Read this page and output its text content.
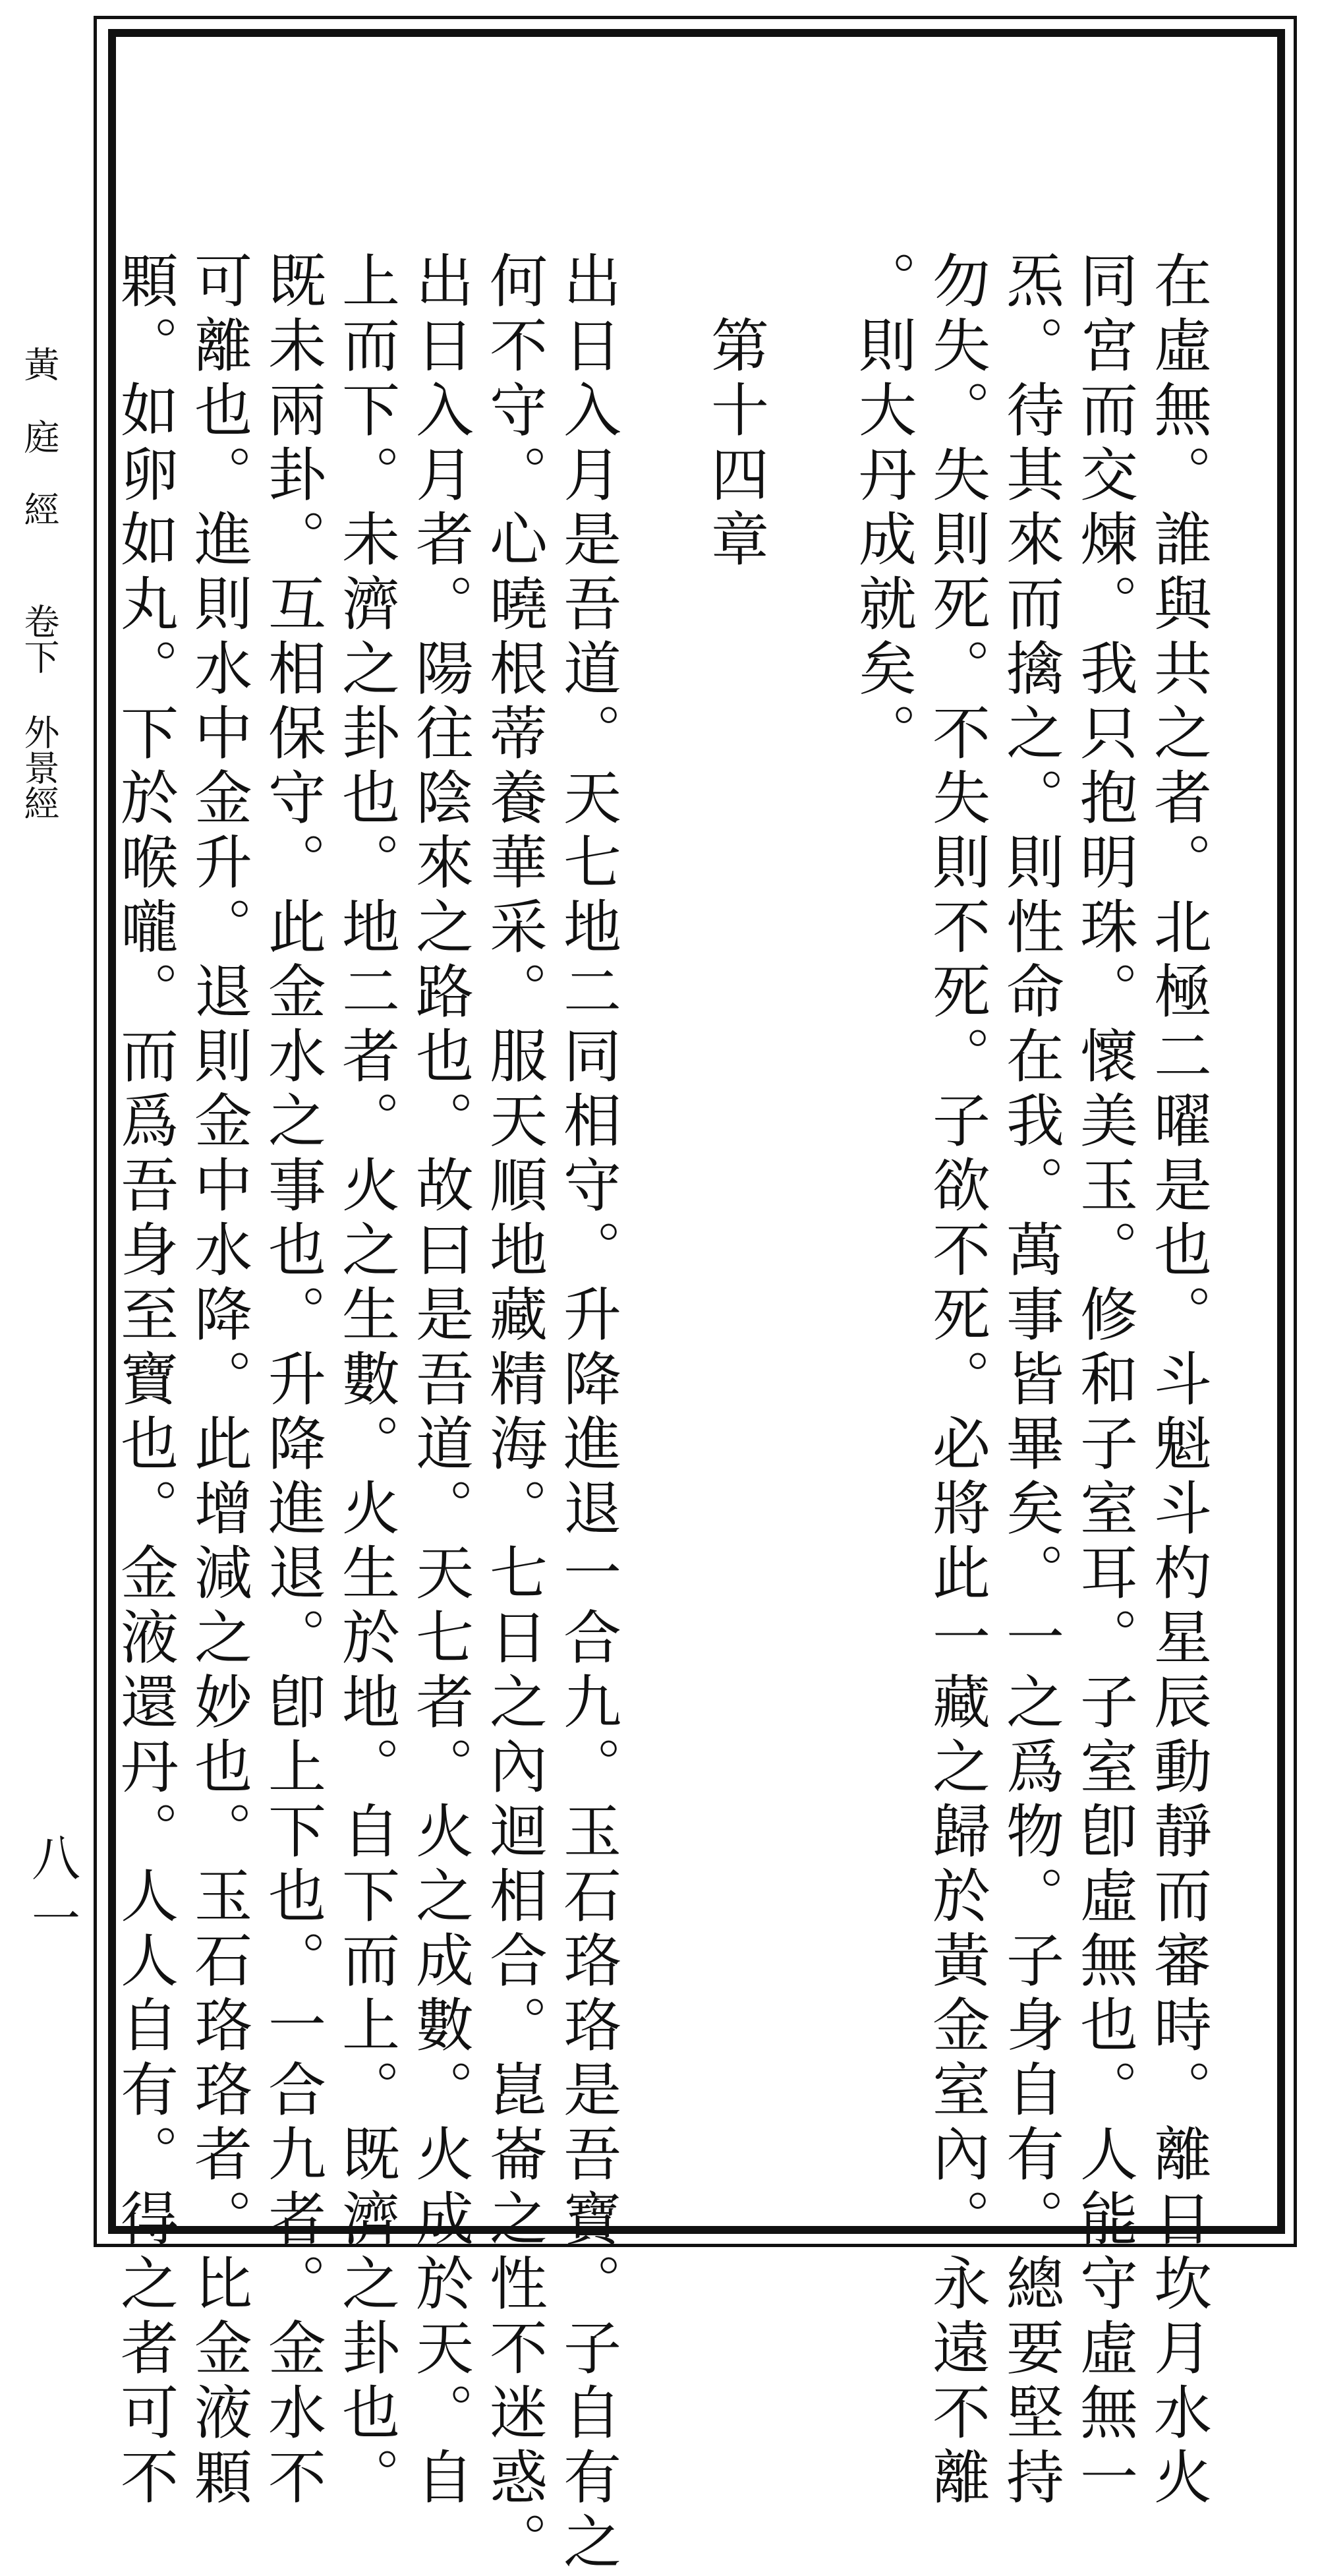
黃庭經卷下外景經
八一	在虛無。誰與共之者。北極二曜是也。斗魁斗杓星辰動靜而審時。離日坎月水火
同宮而交煉。我只抱明珠。懷美玉。修和子室耳。子室卽虛無也。人能守虛無一
炁。待其來而擒之。則性命在我。萬事皆畢矣。一之爲物。子身自有。總要堅持
勿失。失則死。不失則不死。子欲不死。必將此一藏之歸於黃金室內。永遠不離
。則大丹成就矣。
　第十四章
出日入月是吾道。天七地二同相守。升降進退一合九。玉石珞珞是吾寶。子自有之
何不守。心曉根蒂養華采。服天順地藏精海。七日之內迴相合。崑崙之性不迷惑。
出日入月者。陽往陰來之路也。故曰是吾道。天七者。火之成數。火成於天。自
上而下。未濟之卦也。地二者。火之生數。火生於地。自下而上。既濟之卦也。
既未兩卦。互相保守。此金水之事也。升降進退。卽上下也。一合九者。金水不
可離也。進則水中金升。退則金中水降。此增減之妙也。玉石珞珞者。比金液顆
顆。如卵如丸。下於喉嚨。而爲吾身至寶也。金液還丹。人人自有。得之者可不
